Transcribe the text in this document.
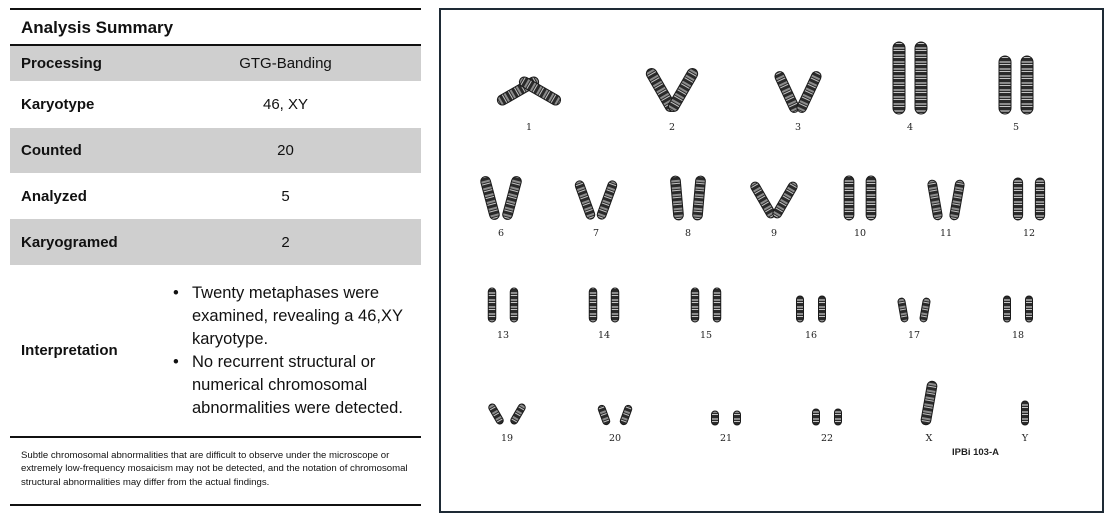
Analysis Summary
Processing	GTG-Banding
Karyotype	46, XY
Counted	20
Analyzed	5
Karyogramed	2
Interpretation
• Twenty metaphases were examined, revealing a 46,XY karyotype.
• No recurrent structural or numerical chromosomal abnormalities were detected.
Subtle chromosomal abnormalities that are difficult to observe under the microscope or extremely low-frequency mosaicism may not be detected, and the notation of chromosomal structural abnormalities may differ from the actual findings.
1	2	3	4	5
6	7	8	9	10	11	12
13	14	15	16	17	18
19	20	21	22	X	Y
IPBi 103-A
